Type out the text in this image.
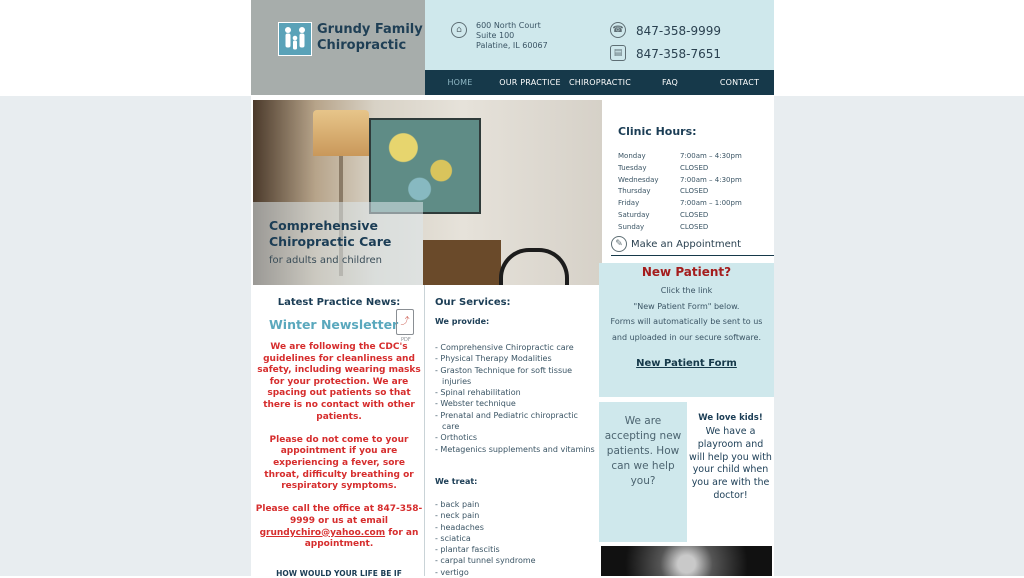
Grundy Family Chiropractic
⌂	600 North Court
Suite 100
Palatine, IL 60067
☎ 847-358-9999
▤	847-358-7651
HOME	OUR PRACTICE	CHIROPRACTIC	FAQ	CONTACT
Comprehensive Chiropractic Care
for adults and children
Clinic Hours:
Monday	7:00am – 4:30pm
Tuesday	CLOSED
Wednesday	7:00am – 4:30pm
Thursday	CLOSED
Friday	7:00am – 1:00pm
Saturday	CLOSED
Sunday	CLOSED
✎ Make an Appointment
New Patient?
Click the link
"New Patient Form" below.
Forms will automatically be sent to us
and uploaded in our secure software.
New Patient Form
We are accepting new patients. How can we help you?
We love kids!
We have a playroom and will help you with your child when you are with the doctor!
Latest Practice News:
Winter Newsletter ⤴
PDF

We are following the CDC's guidelines for cleanliness and safety, including wearing masks for your protection. We are spacing out patients so that there is no contact with other patients.

Please do not come to your appointment if you are experiencing a fever, sore throat, difficulty breathing or respiratory symptoms.

Please call the office at 847-358-9999 or us at email grundychiro@yahoo.com for an appointment.

HOW WOULD YOUR LIFE BE IF
Our Services:
We provide:
- Comprehensive Chiropractic care
- Physical Therapy Modalities
- Graston Technique for soft tissue injuries
- Spinal rehabilitation
- Webster technique
- Prenatal and Pediatric chiropractic care
- Orthotics
- Metagenics supplements and vitamins
We treat:
- back pain
- neck pain
- headaches
- sciatica
- plantar fascitis
- carpal tunnel syndrome
- vertigo
